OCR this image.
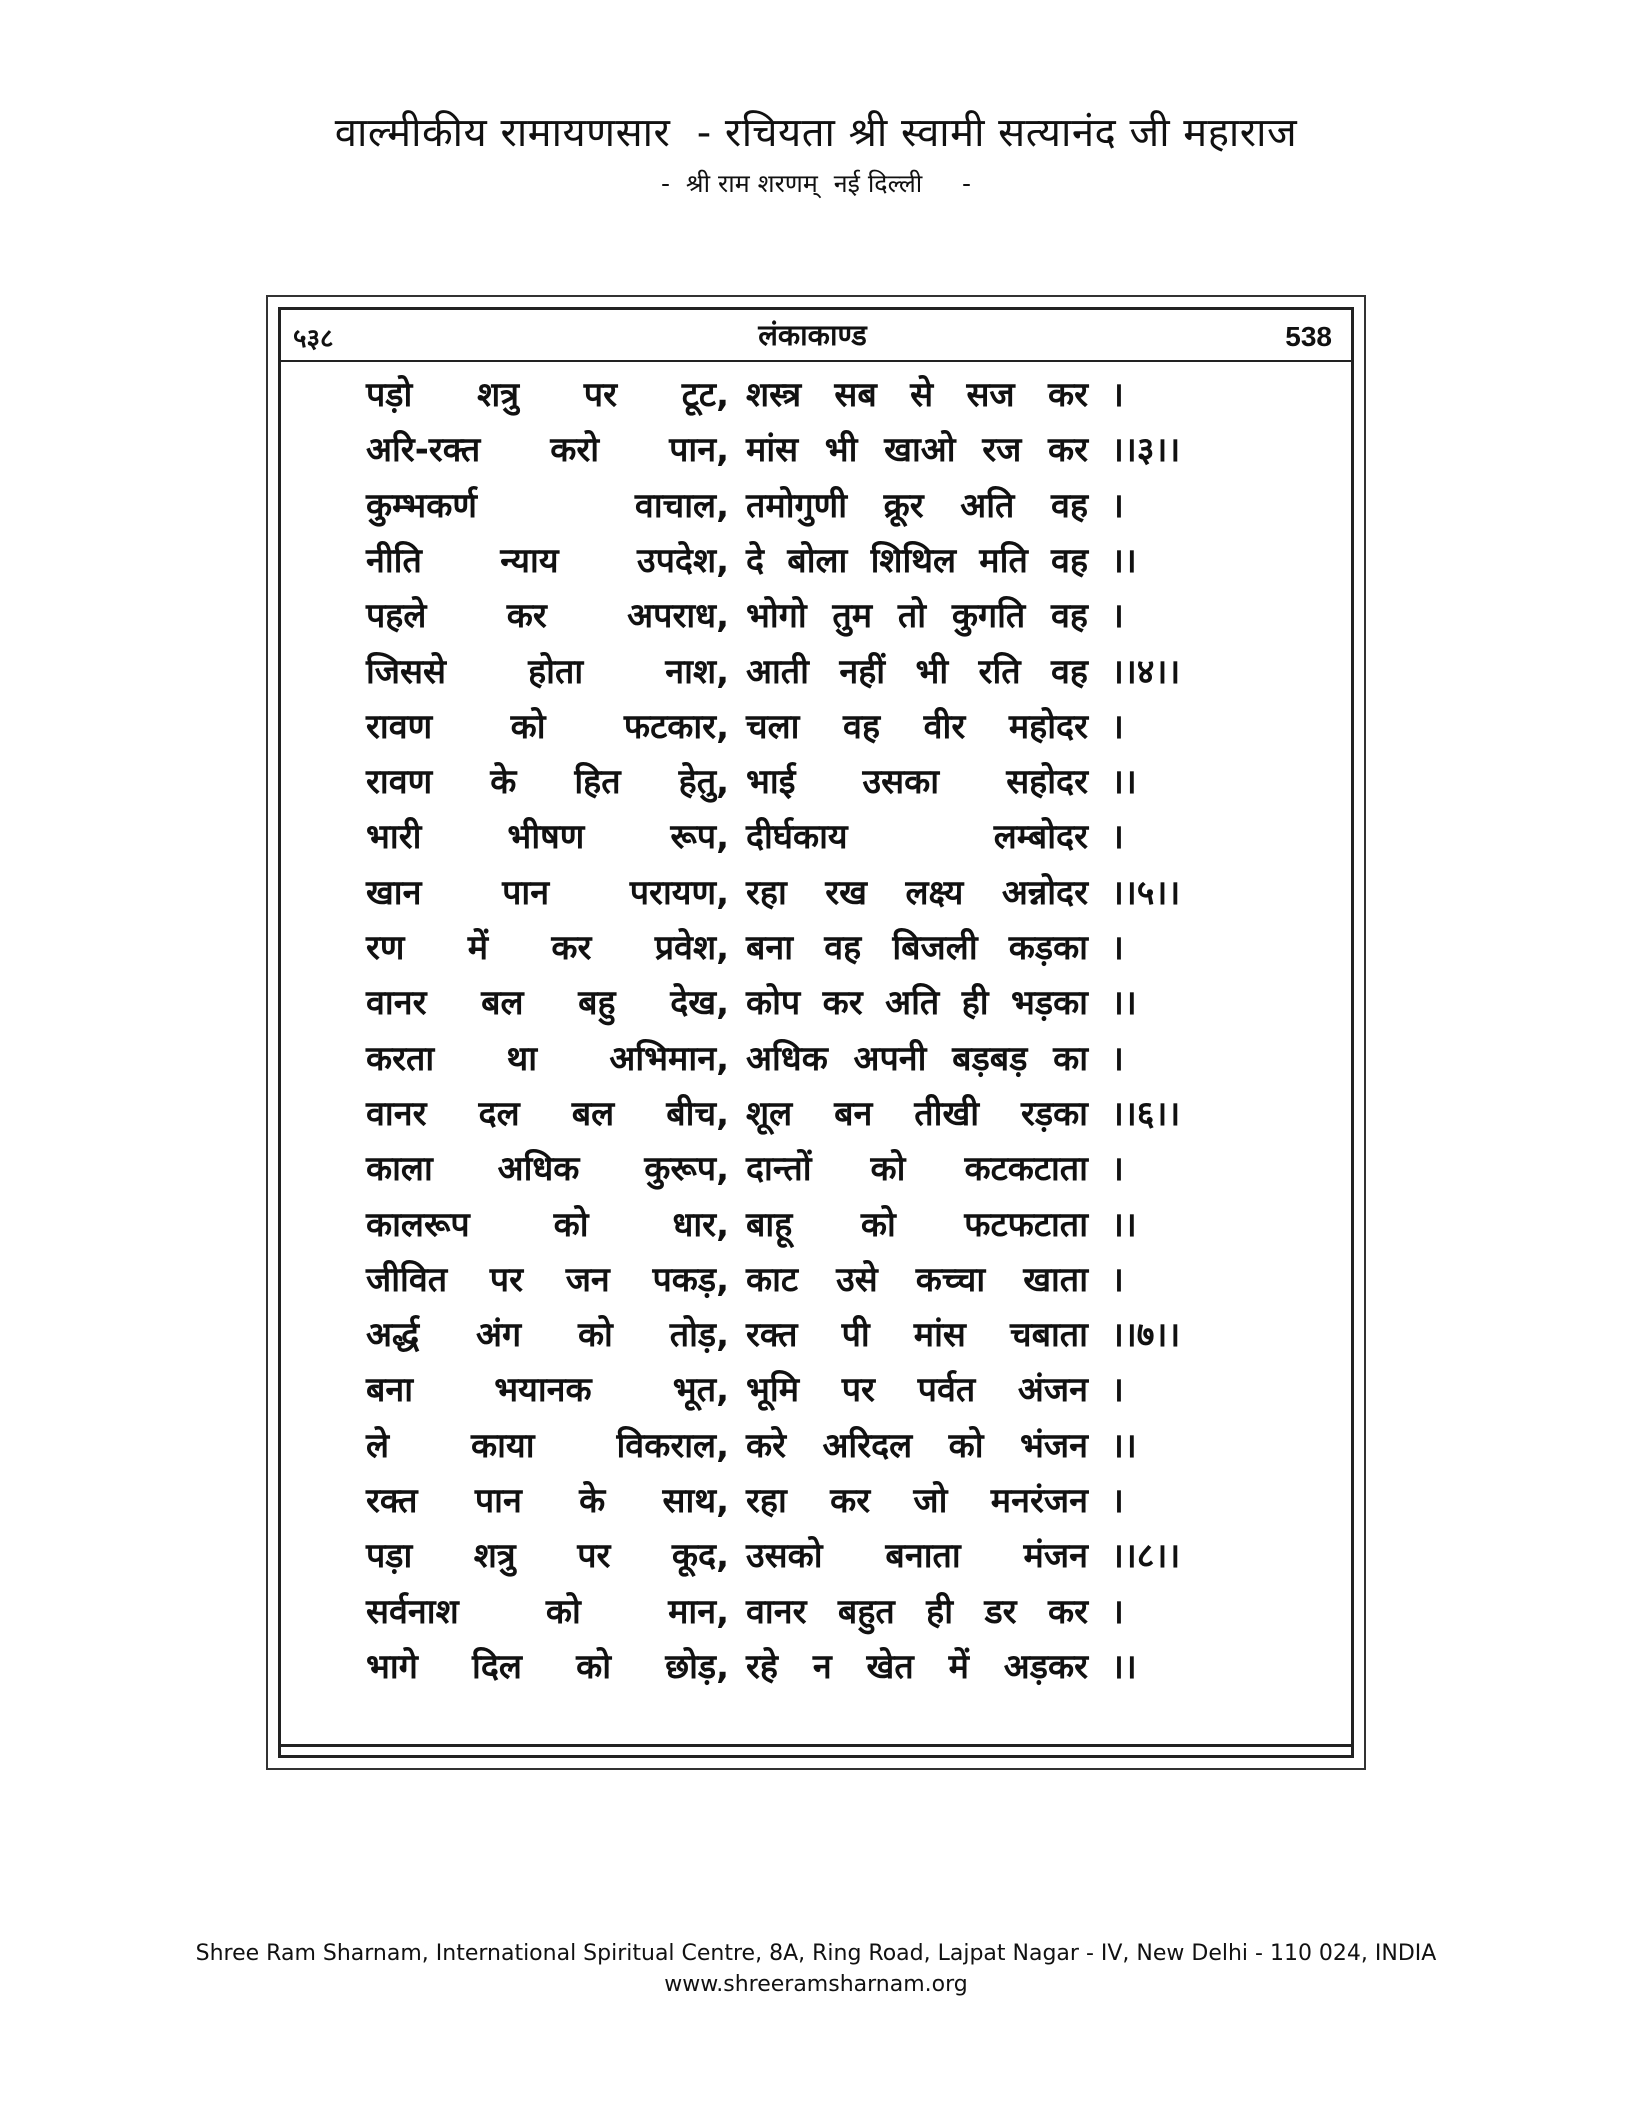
वाल्मीकीय रामायणसार  - रचियता श्री स्वामी सत्यानंद जी महाराज
-  श्री राम शरणम्  नई दिल्ली     -
५३८	लंकाकाण्ड	538
पड़ो शत्रु पर टूट, शस्त्र सब से सज कर ।
अरि-रक्त करो पान, मांस भी खाओ रज कर ।।३।।
कुम्भकर्ण वाचाल, तमोगुणी क्रूर अति वह ।
नीति न्याय उपदेश, दे बोला शिथिल मति वह ।।
पहले कर अपराध, भोगो तुम तो कुगति वह ।
जिससे होता नाश, आती नहीं भी रति वह ।।४।।
रावण को फटकार, चला वह वीर महोदर ।
रावण के हित हेतु, भाई उसका सहोदर ।।
भारी भीषण रूप, दीर्घकाय लम्बोदर ।
खान पान परायण, रहा रख लक्ष्य अन्नोदर ।।५।।
रण में कर प्रवेश, बना वह बिजली कड़का ।
वानर बल बहु देख, कोप कर अति ही भड़का ।।
करता था अभिमान, अधिक अपनी बड़बड़ का ।
वानर दल बल बीच, शूल बन तीखी रड़का ।।६।।
काला अधिक कुरूप, दान्तों को कटकटाता ।
कालरूप को धार, बाहू को फटफटाता ।।
जीवित पर जन पकड़, काट उसे कच्चा खाता ।
अर्द्ध अंग को तोड़, रक्त पी मांस चबाता ।।७।।
बना भयानक भूत, भूमि पर पर्वत अंजन ।
ले काया विकराल, करे अरिदल को भंजन ।।
रक्त पान के साथ, रहा कर जो मनरंजन ।
पड़ा शत्रु पर कूद, उसको बनाता मंजन ।।८।।
सर्वनाश को मान, वानर बहुत ही डर कर ।
भागे दिल को छोड़, रहे न खेत में अड़कर ।।
Shree Ram Sharnam, International Spiritual Centre, 8A, Ring Road, Lajpat Nagar - IV, New Delhi - 110 024, INDIA
www.shreeramsharnam.org
